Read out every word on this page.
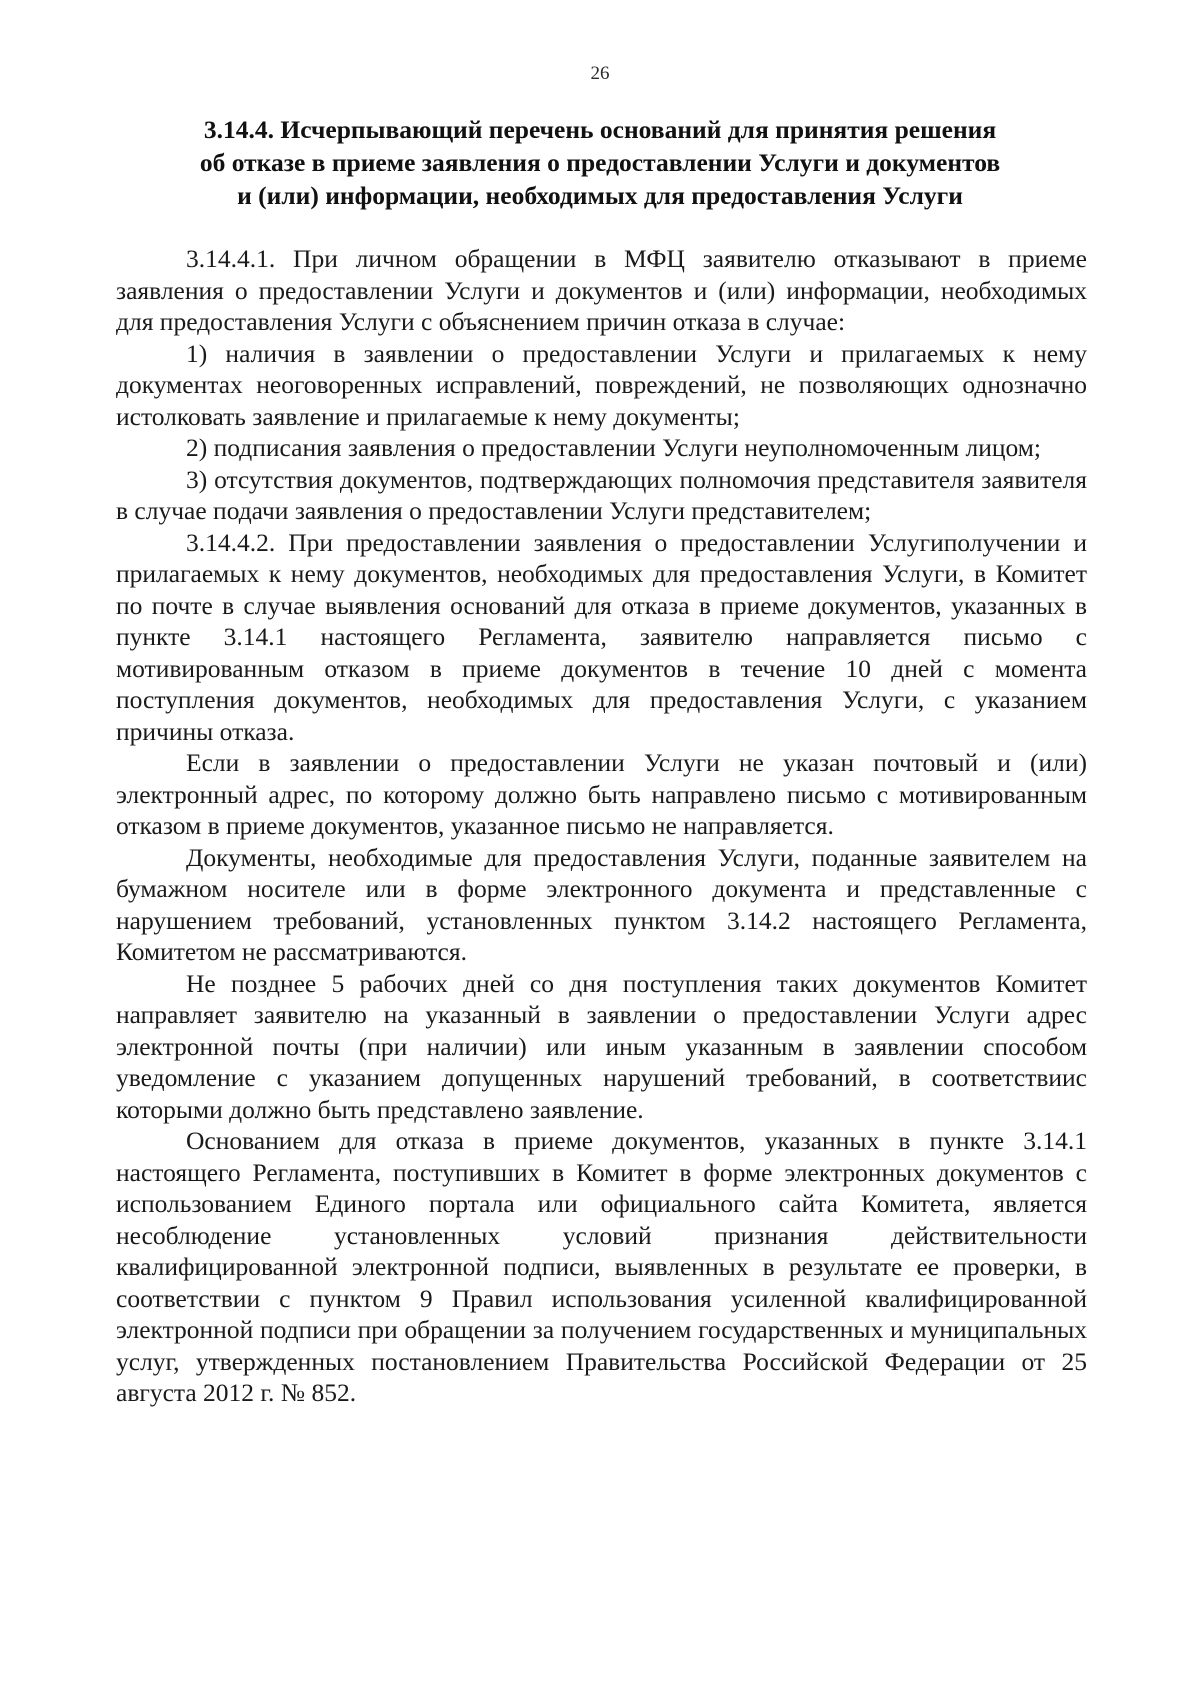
26
3.14.4. Исчерпывающий перечень оснований для принятия решения
об отказе в приеме заявления о предоставлении Услуги и документов
и (или) информации, необходимых для предоставления Услуги

3.14.4.1. При личном обращении в МФЦ заявителю отказывают в приеме заявления о предоставлении Услуги и документов и (или) информации, необходимых для предоставления Услуги с объяснением причин отказа в случае:

1) наличия в заявлении о предоставлении Услуги и прилагаемых к нему документах неоговоренных исправлений, повреждений, не позволяющих однозначно истолковать заявление и прилагаемые к нему документы;

2) подписания заявления о предоставлении Услуги неуполномоченным лицом;

3) отсутствия документов, подтверждающих полномочия представителя заявителя в случае подачи заявления о предоставлении Услуги представителем;

3.14.4.2. При предоставлении заявления о предоставлении Услугиполучении и прилагаемых к нему документов, необходимых для предоставления Услуги, в Комитет по почте в случае выявления оснований для отказа в приеме документов, указанных в пункте 3.14.1 настоящего Регламента, заявителю направляется письмо с мотивированным отказом в приеме документов в течение 10 дней с момента поступления документов, необходимых для предоставления Услуги, с указанием причины отказа.

Если в заявлении о предоставлении Услуги не указан почтовый и (или) электронный адрес, по которому должно быть направлено письмо с мотивированным отказом в приеме документов, указанное письмо не направляется.

Документы, необходимые для предоставления Услуги, поданные заявителем на бумажном носителе или в форме электронного документа и представленные с нарушением требований, установленных пунктом 3.14.2 настоящего Регламента, Комитетом не рассматриваются.

Не позднее 5 рабочих дней со дня поступления таких документов Комитет направляет заявителю на указанный в заявлении о предоставлении Услуги адрес электронной почты (при наличии) или иным указанным в заявлении способом уведомление с указанием допущенных нарушений требований, в соответствиис которыми должно быть представлено заявление.

Основанием для отказа в приеме документов, указанных в пункте 3.14.1 настоящего Регламента, поступивших в Комитет в форме электронных документов с использованием Единого портала или официального сайта Комитета, является несоблюдение установленных условий признания действительности квалифицированной электронной подписи, выявленных в результате ее проверки, в соответствии с пунктом 9 Правил использования усиленной квалифицированной электронной подписи при обращении за получением государственных и муниципальных услуг, утвержденных постановлением Правительства Российской Федерации от 25 августа 2012 г. № 852.
